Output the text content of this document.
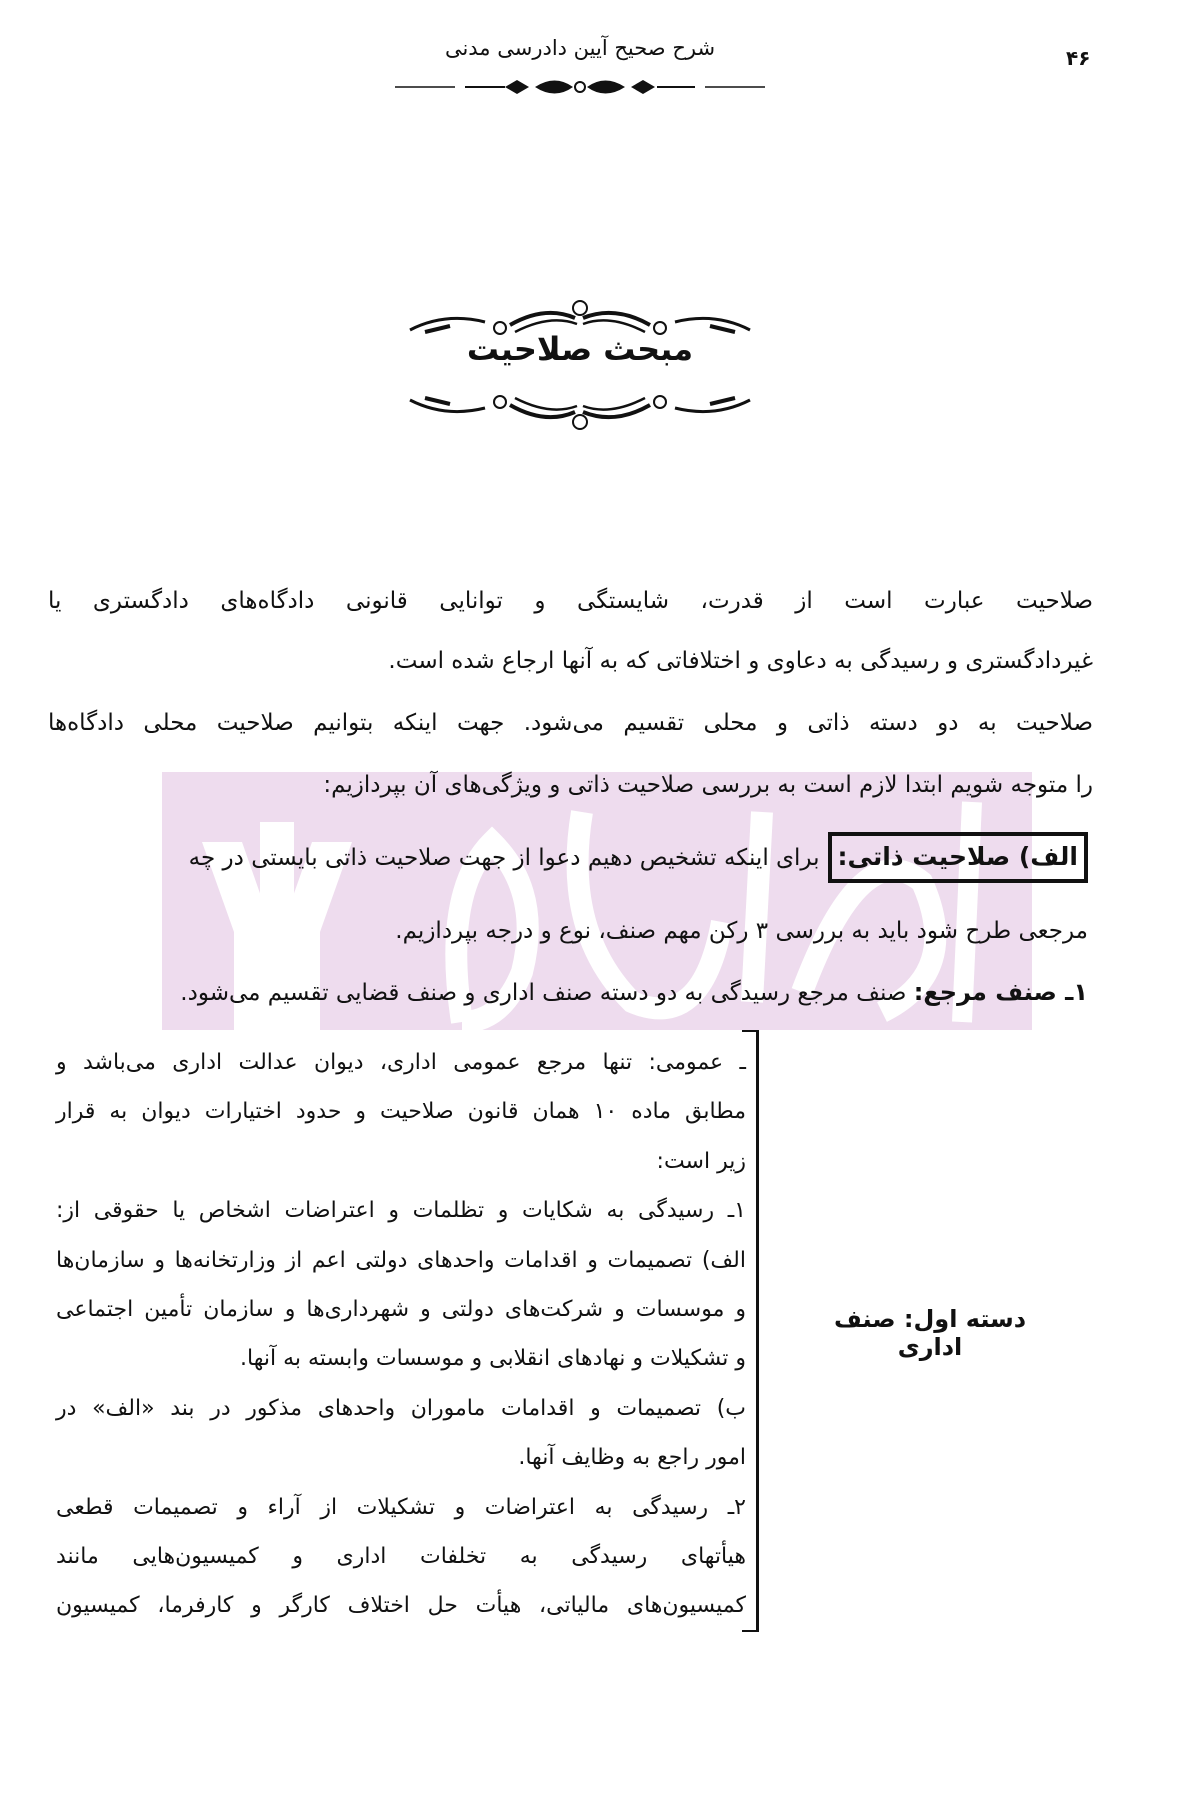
شرح صحیح آیین دادرسی مدنی	۴۶
مبحث صلاحیت
صلاحیت عبارت است از قدرت، شایستگی و توانایی قانونی دادگاه‌های دادگستری یا
غیردادگستری و رسیدگی به دعاوی و اختلافاتی که به آنها ارجاع شده است.
صلاحیت به دو دسته ذاتی و محلی تقسیم می‌شود. جهت اینکه بتوانیم صلاحیت محلی دادگاه‌ها
را متوجه شویم ابتدا لازم است به بررسی صلاحیت ذاتی و ویژگی‌های آن بپردازیم:
الف) صلاحیت ذاتی:
برای اینکه تشخیص دهیم دعوا از جهت صلاحیت ذاتی بایستی در چه
مرجعی طرح شود باید به بررسی ۳ رکن مهم صنف، نوع و درجه بپردازیم.
۱ـ صنف مرجع: صنف مرجع رسیدگی به دو دسته صنف اداری و صنف قضایی تقسیم می‌شود.
دسته اول: صنف اداری
ـ عمومی: تنها مرجع عمومی اداری، دیوان عدالت اداری می‌باشد و
مطابق ماده ۱۰ همان قانون صلاحیت و حدود اختیارات دیوان به قرار
زیر است:
۱ـ رسیدگی به شکایات و تظلمات و اعتراضات اشخاص یا حقوقی از:
الف) تصمیمات و اقدامات واحدهای دولتی اعم از وزارتخانه‌ها و سازمان‌ها
و موسسات و شرکت‌های دولتی و شهرداری‌ها و سازمان تأمین اجتماعی
و تشکیلات و نهادهای انقلابی و موسسات وابسته به آنها.
ب) تصمیمات و اقدامات ماموران واحدهای مذکور در بند «الف» در
امور راجع به وظایف آنها.
۲ـ رسیدگی به اعتراضات و تشکیلات از آراء و تصمیمات قطعی
هیأتهای رسیدگی به تخلفات اداری و کمیسیون‌هایی مانند
کمیسیون‌های مالیاتی، هیأت حل اختلاف کارگر و کارفرما، کمیسیون
